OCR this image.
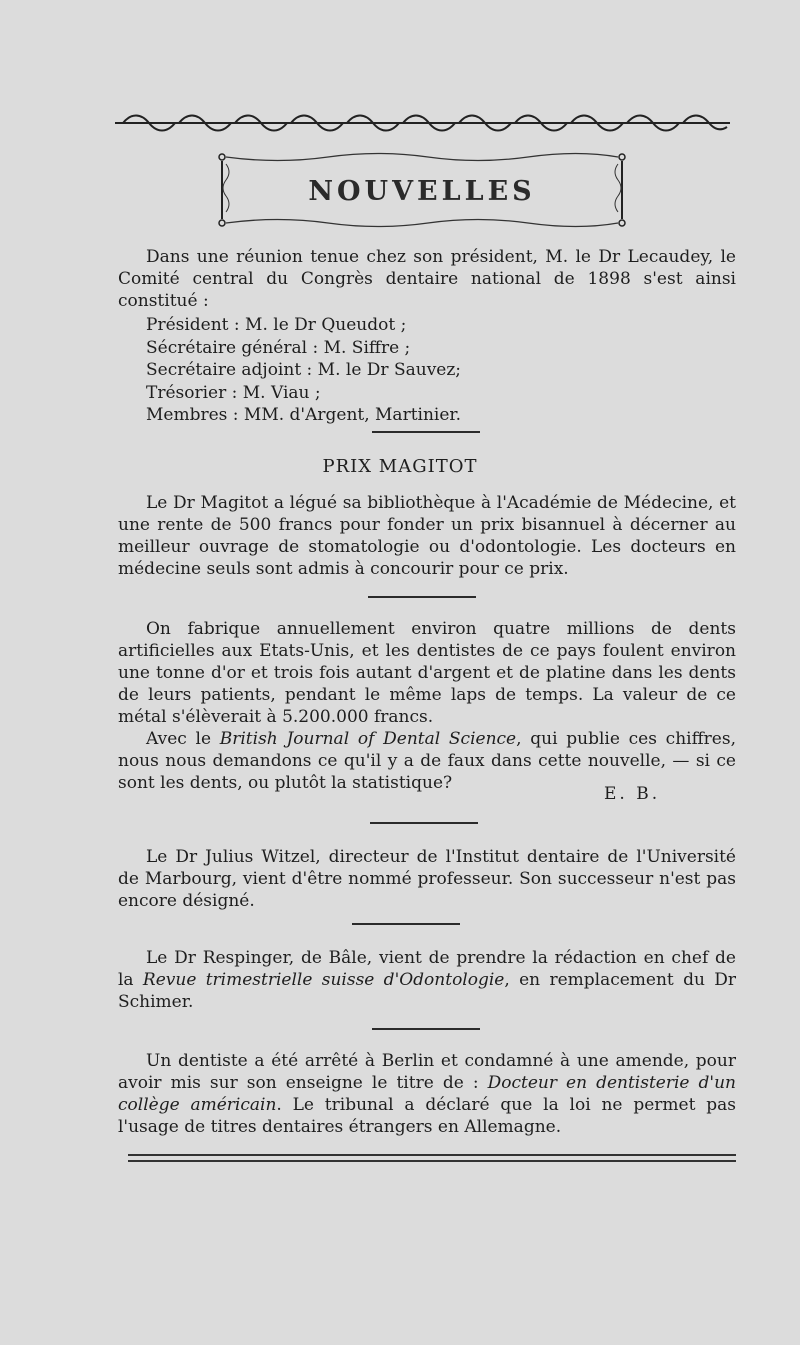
NOUVELLES

Dans une réunion tenue chez son président, M. le Dr Lecaudey, le Comité central du Congrès dentaire national de 1898 s'est ainsi constitué :

Président : M. le Dr Queudot ;
Sécrétaire général : M. Siffre ;
Secrétaire adjoint : M. le Dr Sauvez;
Trésorier : M. Viau ;
Membres : MM. d'Argent, Martinier.
PRIX MAGITOT

Le Dr Magitot a légué sa bibliothèque à l'Académie de Médecine, et une rente de 500 francs pour fonder un prix bisannuel à décerner au meilleur ouvrage de stomatologie ou d'odontologie. Les docteurs en médecine seuls sont admis à concourir pour ce prix.

On fabrique annuellement environ quatre millions de dents artificielles aux Etats-Unis, et les dentistes de ce pays foulent environ une tonne d'or et trois fois autant d'argent et de platine dans les dents de leurs patients, pendant le même laps de temps. La valeur de ce métal s'élèverait à 5.200.000 francs.

Avec le British Journal of Dental Science, qui publie ces chiffres, nous nous demandons ce qu'il y a de faux dans cette nouvelle, — si ce sont les dents, ou plutôt la statistique?

E. B.

Le Dr Julius Witzel, directeur de l'Institut dentaire de l'Université de Marbourg, vient d'être nommé professeur. Son successeur n'est pas encore désigné.

Le Dr Respinger, de Bâle, vient de prendre la rédaction en chef de la Revue trimestrielle suisse d'Odontologie, en remplacement du Dr Schimer.

Un dentiste a été arrêté à Berlin et condamné à une amende, pour avoir mis sur son enseigne le titre de : Docteur en dentisterie d'un collège américain. Le tribunal a déclaré que la loi ne permet pas l'usage de titres dentaires étrangers en Allemagne.
